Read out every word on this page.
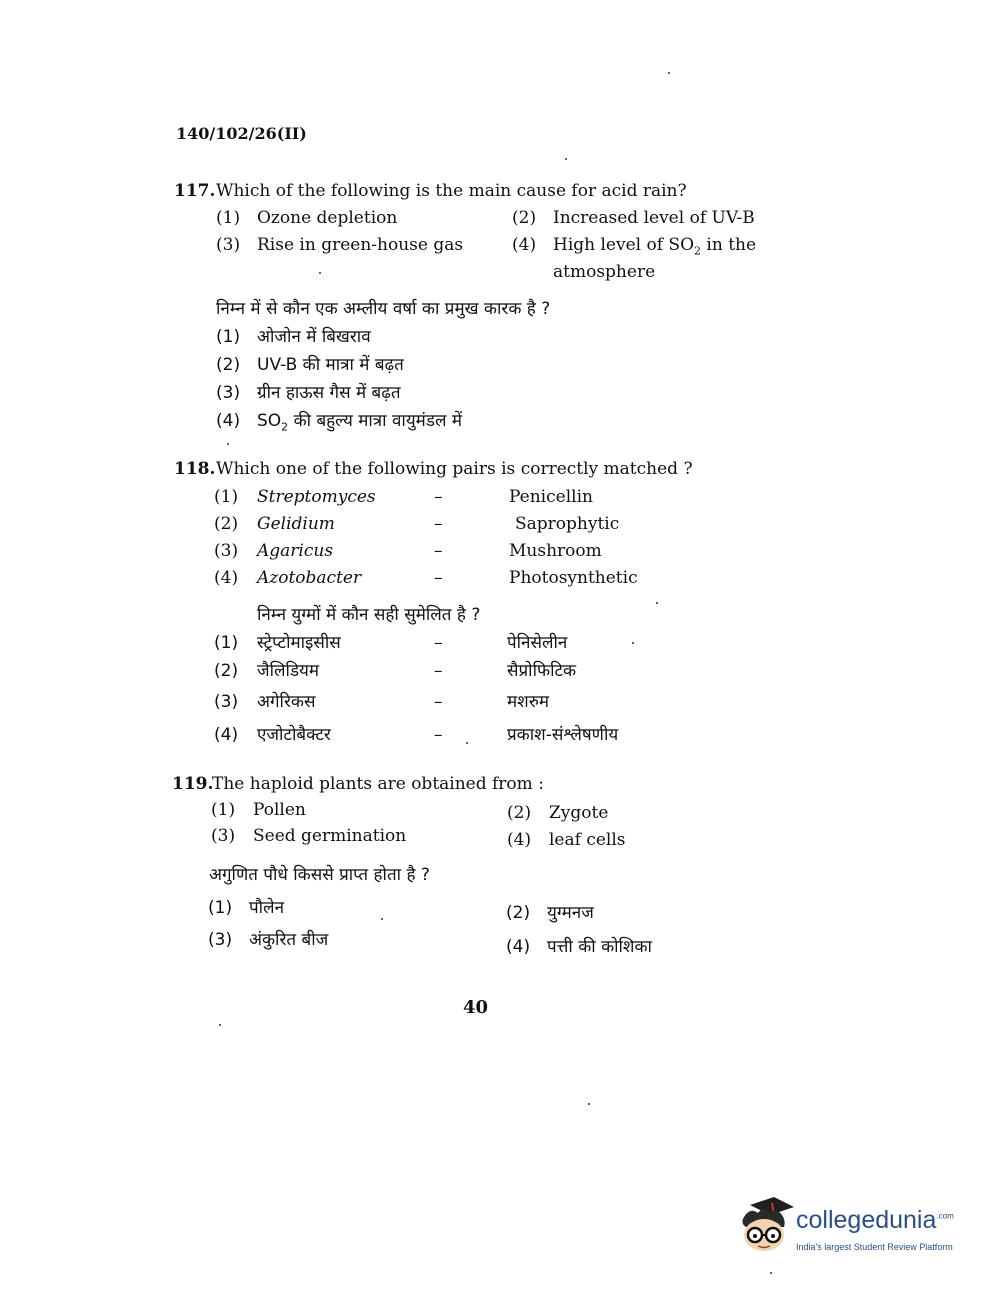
140/102/26(II)
117. Which of the following is the main cause for acid rain?
(1) Ozone depletion	(2) Increased level of UV-B
(3) Rise in green-house gas	(4) High level of $SO_2$ in the
atmosphere
निम्न में से कौन एक अम्लीय वर्षा का प्रमुख कारक है ?
(1) ओजोन में बिखराव
(2) UV-B की मात्रा में बढ़त
(3) ग्रीन हाऊस गैस में बढ़त
(4) $SO_2$ की बहुल्य मात्रा वायुमंडल में
118. Which one of the following pairs is correctly matched ?
(1) Streptomyces	–	Penicellin
(2) Gelidium	–	Saprophytic
(3) Agaricus	–	Mushroom
(4) Azotobacter	–	Photosynthetic
निम्न युग्मों में कौन सही सुमेलित है ?
(1) स्ट्रेप्टोमाइसीस	–	पेनिसेलीन
(2) जैलिडियम	–	सैप्रोफिटिक
(3) अगेरिकस	–	मशरुम
(4) एजोटोबैक्टर	–	प्रकाश-संश्लेषणीय
119.
The haploid plants are obtained from :
(1) Pollen	(2) Zygote
(3) Seed germination	(4) leaf cells
अगुणित पौधे किससे प्राप्त होता है ?
(1) पौलेन	(2) युग्मनज
(3) अंकुरित बीज	(4) पत्ती की कोशिका
40
collegedunia$^{.com}$
India's largest Student Review Platform
